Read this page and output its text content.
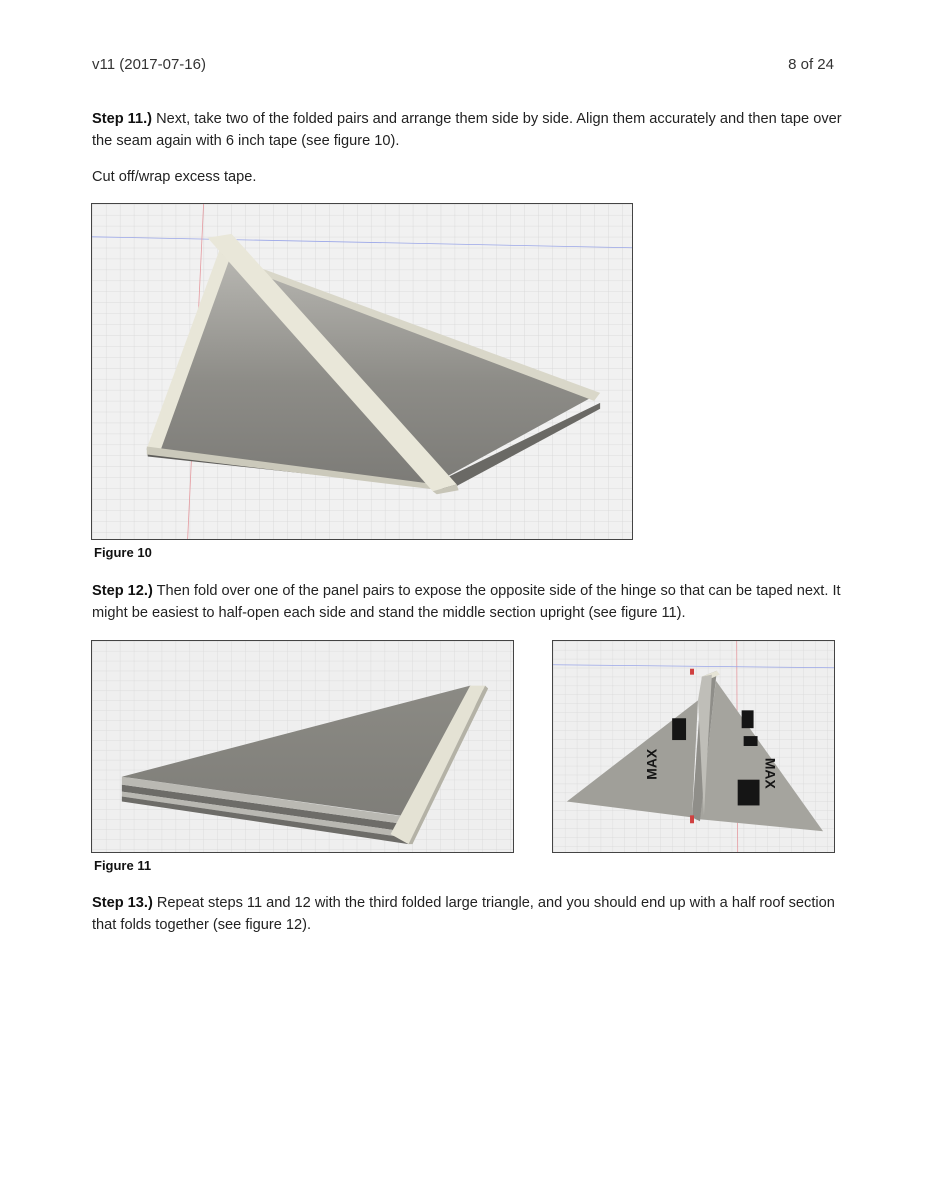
v11 (2017-07-16)	8 of 24
Step 11.) Next, take two of the folded pairs and arrange them side by side. Align them accurately and then tape over the seam again with 6 inch tape (see figure 10).
Cut off/wrap excess tape.
Figure 10
Step 12.) Then fold over one of the panel pairs to expose the opposite side of the hinge so that can be taped next. It might be easiest to half-open each side and stand the middle section upright (see figure 11).
Figure 11
MAX	MAX
Step 13.) Repeat steps 11 and 12 with the third folded large triangle, and you should end up with a half roof section that folds together (see figure 12).
